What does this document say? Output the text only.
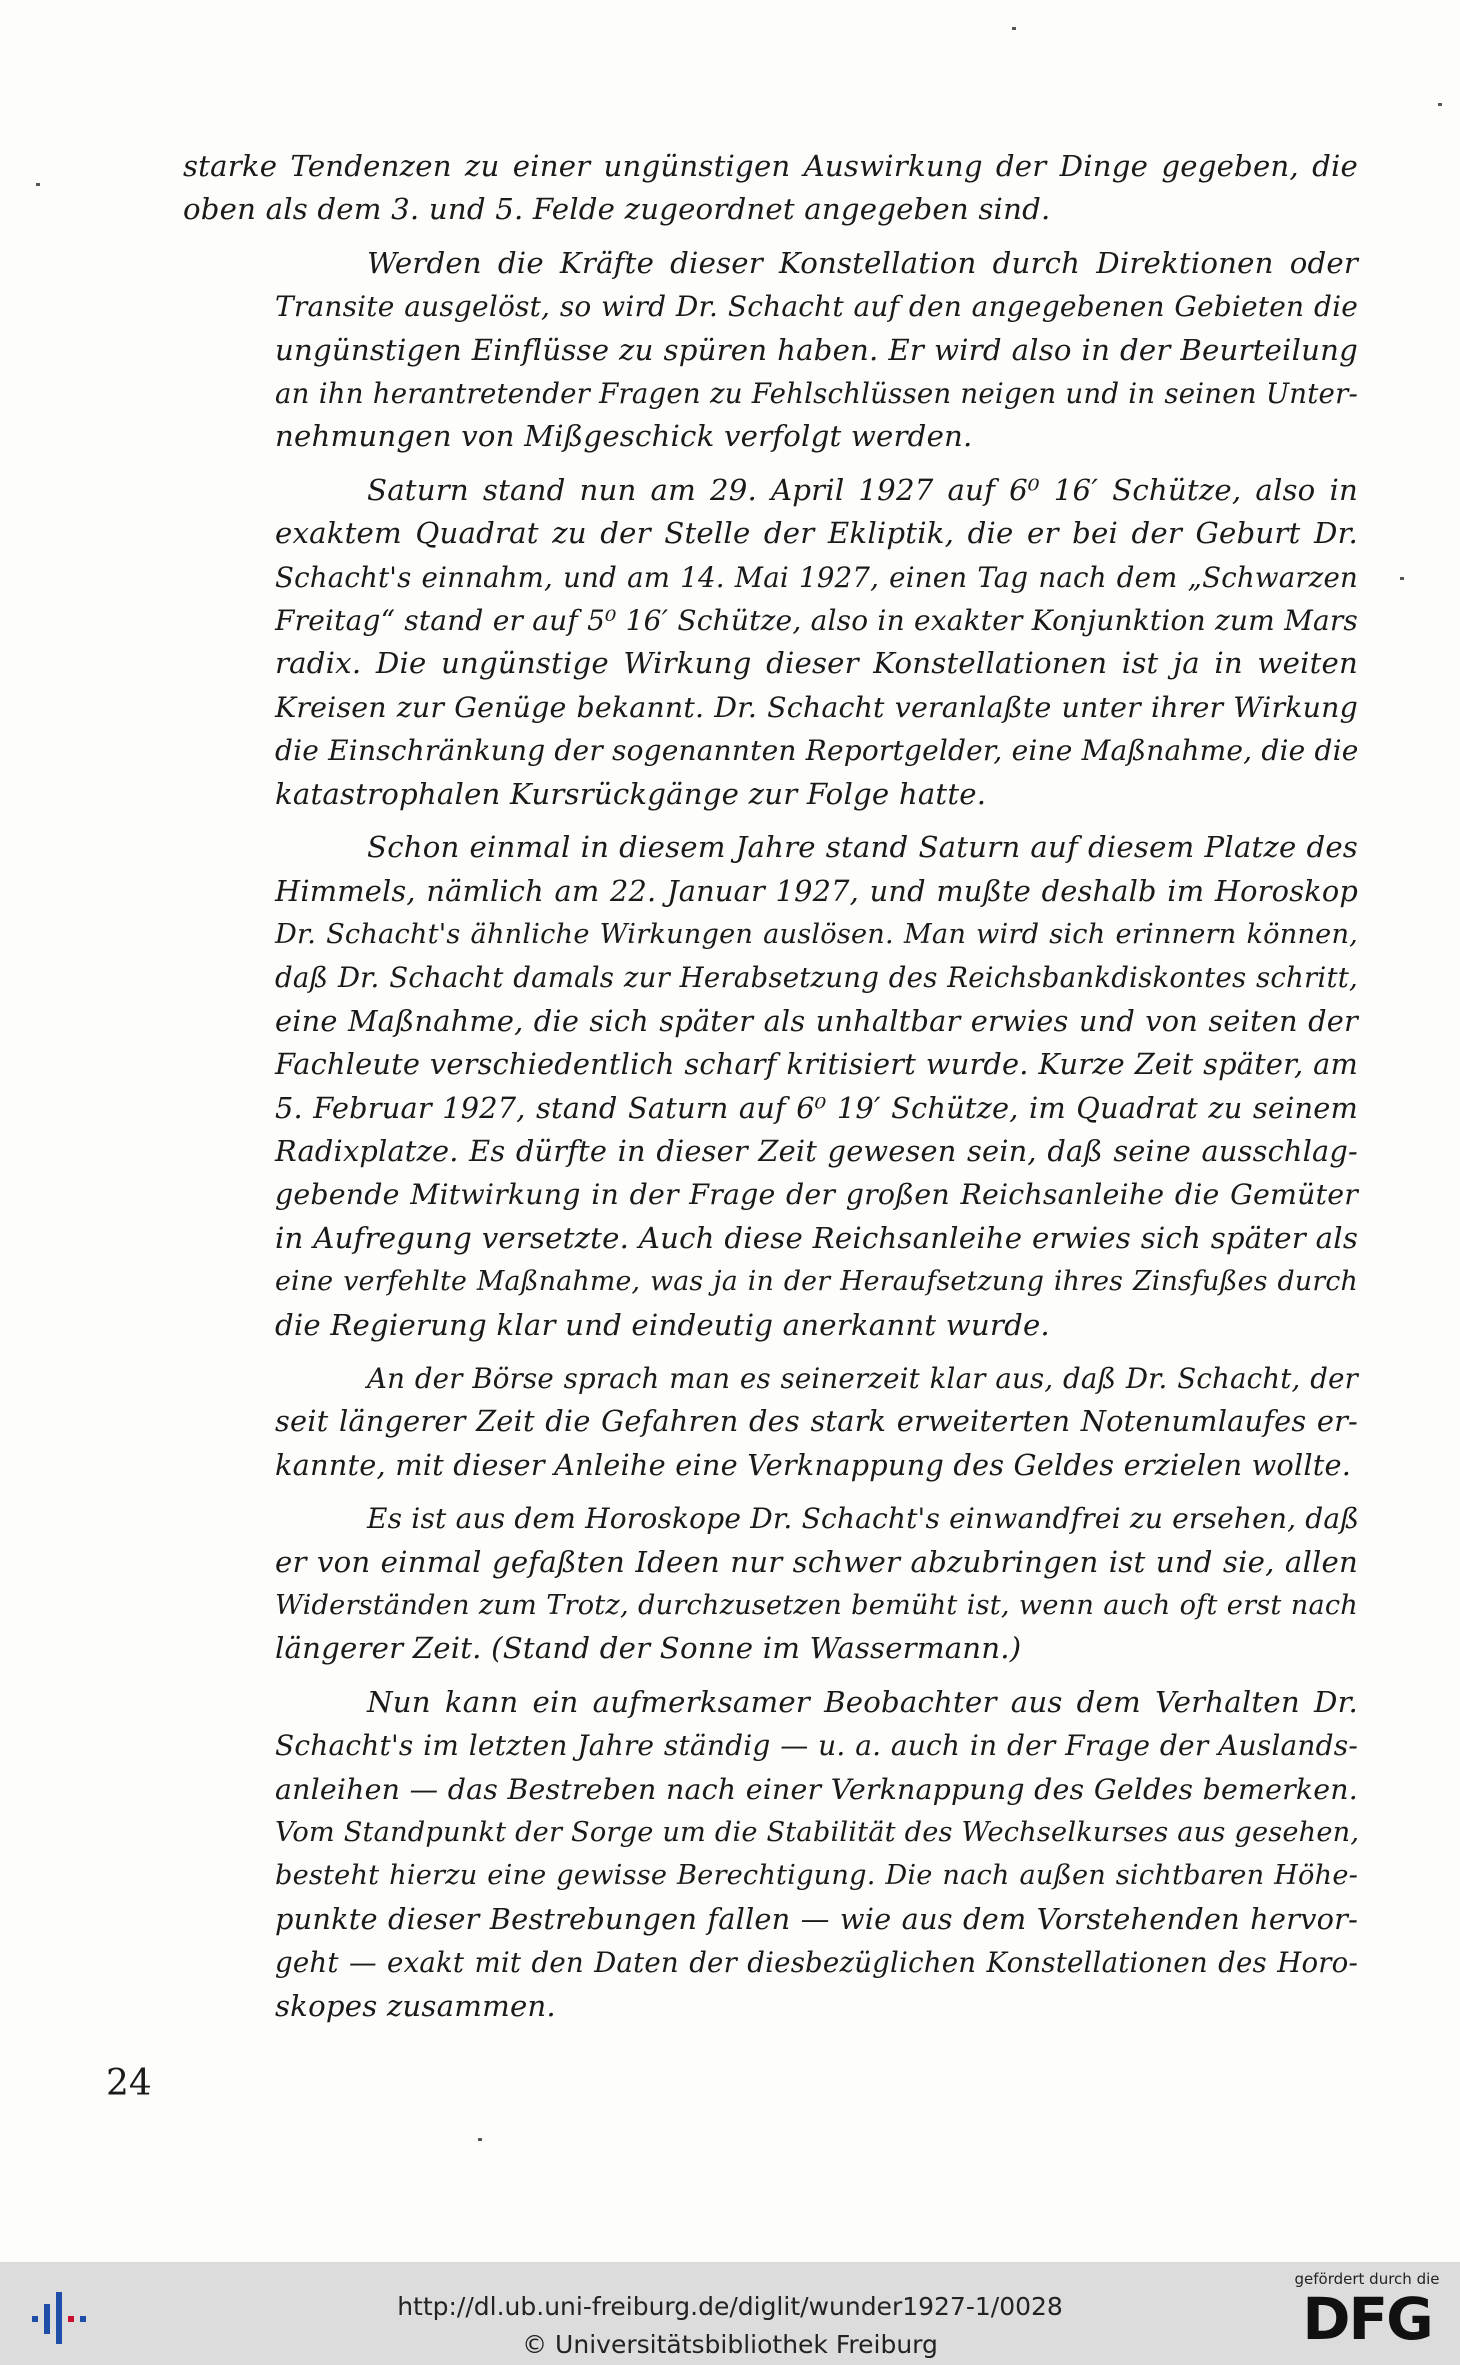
starke Tendenzen zu einer ungünstigen Auswirkung der Dinge gegeben, die
oben als dem 3. und 5. Felde zugeordnet angegeben sind.
Werden die Kräfte dieser Konstellation durch Direktionen oder
Transite ausgelöst, so wird Dr. Schacht auf den angegebenen Gebieten die
ungünstigen Einflüsse zu spüren haben. Er wird also in der Beurteilung
an ihn herantretender Fragen zu Fehlschlüssen neigen und in seinen Unter-
nehmungen von Mißgeschick verfolgt werden.
Saturn stand nun am 29. April 1927 auf 6⁰ 16′ Schütze, also in
exaktem Quadrat zu der Stelle der Ekliptik, die er bei der Geburt Dr.
Schacht's einnahm, und am 14. Mai 1927, einen Tag nach dem „Schwarzen
Freitag“ stand er auf 5⁰ 16′ Schütze, also in exakter Konjunktion zum Mars
radix. Die ungünstige Wirkung dieser Konstellationen ist ja in weiten
Kreisen zur Genüge bekannt. Dr. Schacht veranlaßte unter ihrer Wirkung
die Einschränkung der sogenannten Reportgelder, eine Maßnahme, die die
katastrophalen Kursrückgänge zur Folge hatte.
Schon einmal in diesem Jahre stand Saturn auf diesem Platze des
Himmels, nämlich am 22. Januar 1927, und mußte deshalb im Horoskop
Dr. Schacht's ähnliche Wirkungen auslösen. Man wird sich erinnern können,
daß Dr. Schacht damals zur Herabsetzung des Reichsbankdiskontes schritt,
eine Maßnahme, die sich später als unhaltbar erwies und von seiten der
Fachleute verschiedentlich scharf kritisiert wurde. Kurze Zeit später, am
5. Februar 1927, stand Saturn auf 6⁰ 19′ Schütze, im Quadrat zu seinem
Radixplatze. Es dürfte in dieser Zeit gewesen sein, daß seine ausschlag-
gebende Mitwirkung in der Frage der großen Reichsanleihe die Gemüter
in Aufregung versetzte. Auch diese Reichsanleihe erwies sich später als
eine verfehlte Maßnahme, was ja in der Heraufsetzung ihres Zinsfußes durch
die Regierung klar und eindeutig anerkannt wurde.
An der Börse sprach man es seinerzeit klar aus, daß Dr. Schacht, der
seit längerer Zeit die Gefahren des stark erweiterten Notenumlaufes er-
kannte, mit dieser Anleihe eine Verknappung des Geldes erzielen wollte.
Es ist aus dem Horoskope Dr. Schacht's einwandfrei zu ersehen, daß
er von einmal gefaßten Ideen nur schwer abzubringen ist und sie, allen
Widerständen zum Trotz, durchzusetzen bemüht ist, wenn auch oft erst nach
längerer Zeit. (Stand der Sonne im Wassermann.)
Nun kann ein aufmerksamer Beobachter aus dem Verhalten Dr.
Schacht's im letzten Jahre ständig — u. a. auch in der Frage der Auslands-
anleihen — das Bestreben nach einer Verknappung des Geldes bemerken.
Vom Standpunkt der Sorge um die Stabilität des Wechselkurses aus gesehen,
besteht hierzu eine gewisse Berechtigung. Die nach außen sichtbaren Höhe-
punkte dieser Bestrebungen fallen — wie aus dem Vorstehenden hervor-
geht — exakt mit den Daten der diesbezüglichen Konstellationen des Horo-
skopes zusammen.
24
http://dl.ub.uni-freiburg.de/diglit/wunder1927-1/0028
© Universitätsbibliothek Freiburg
gefördert durch die
DFG
